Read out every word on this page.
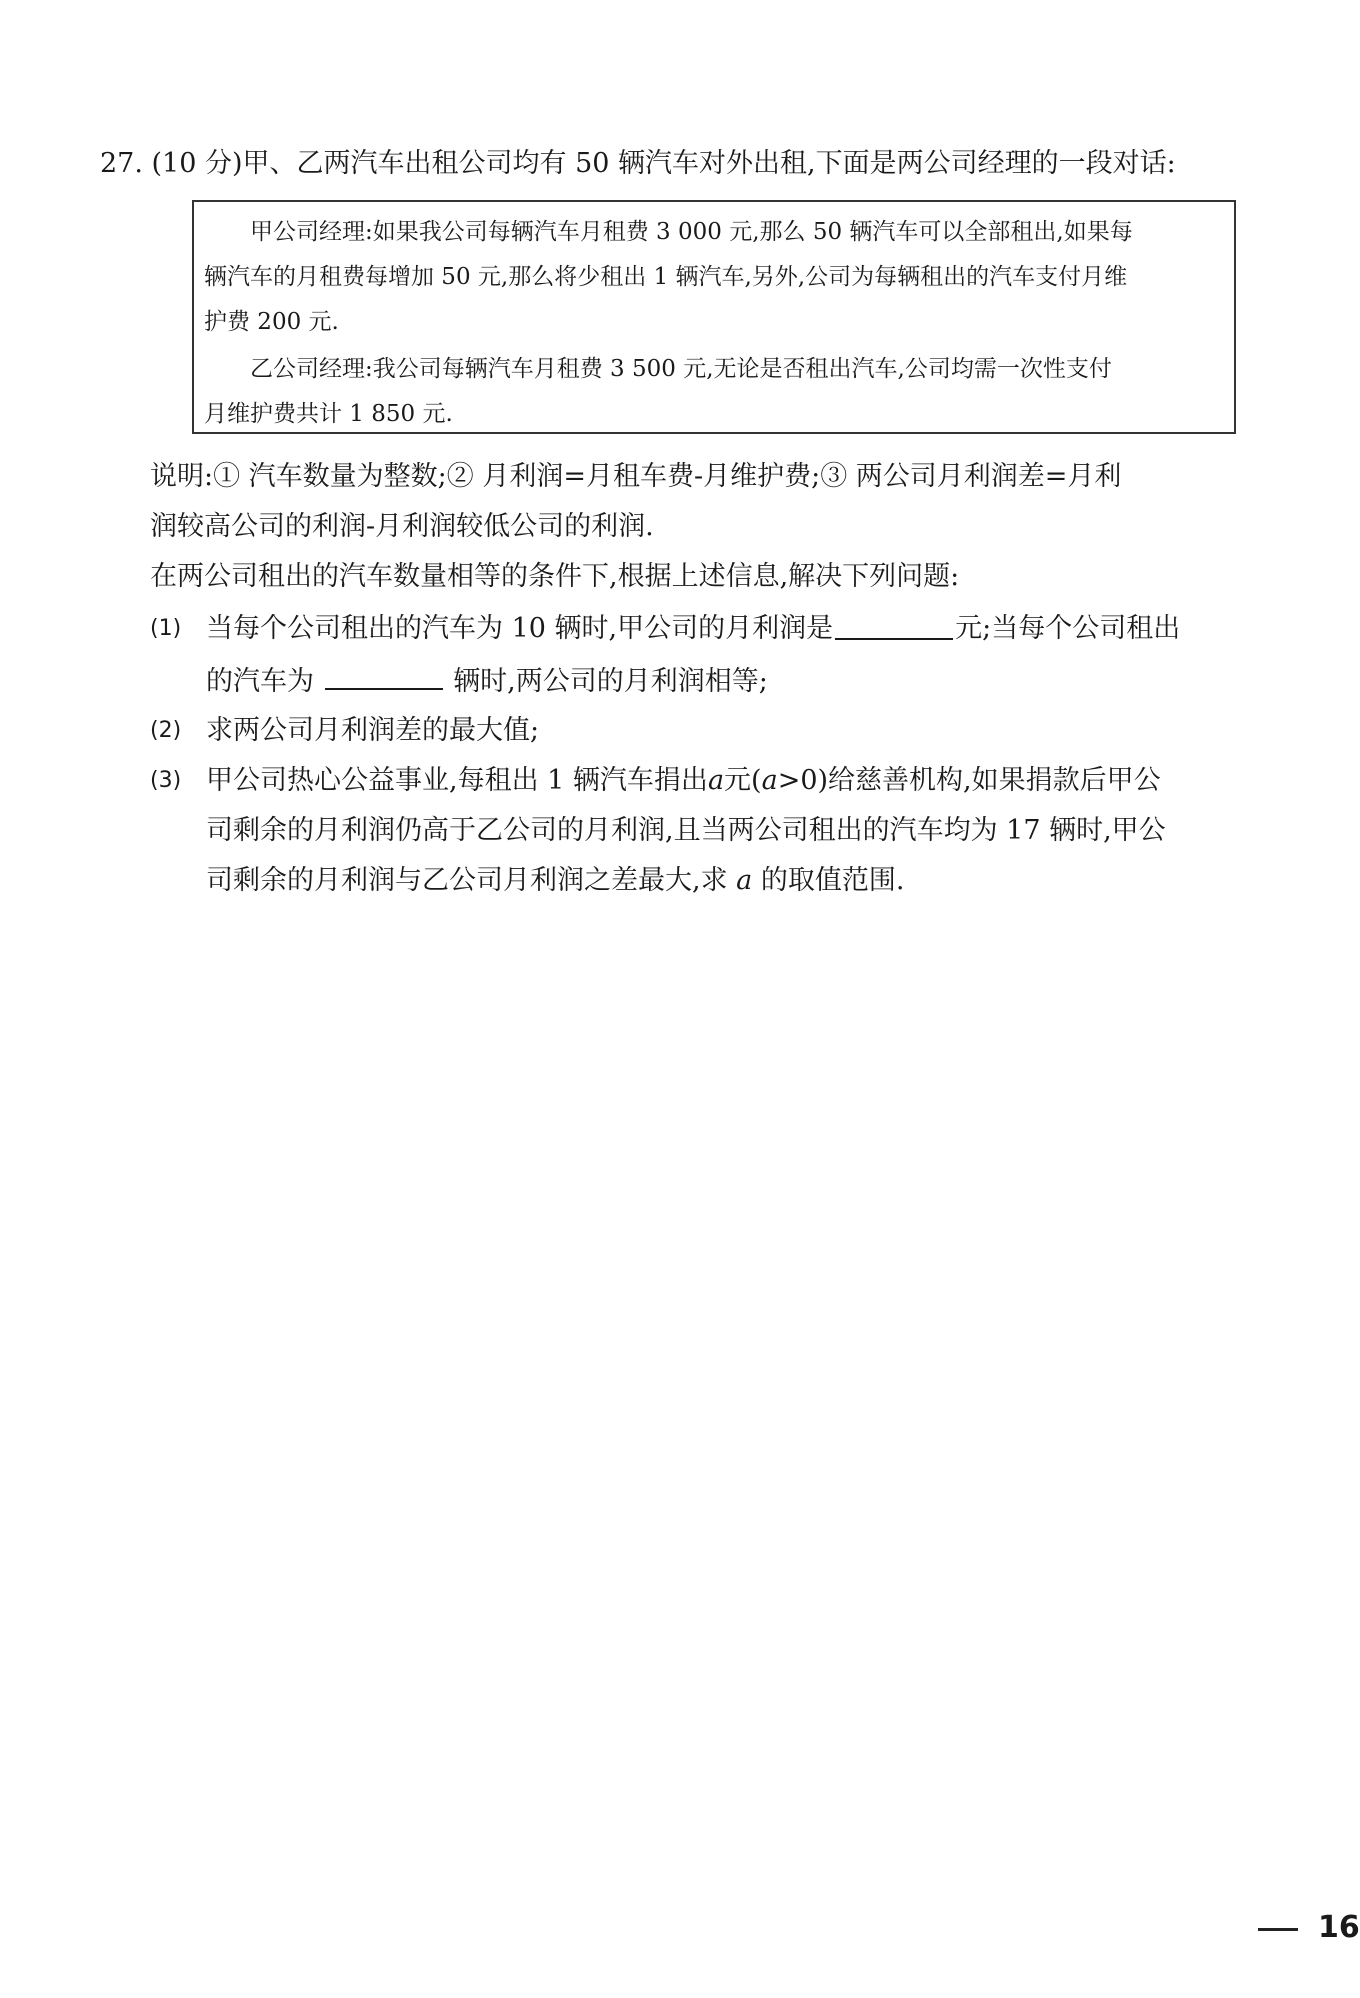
27. (10 分)甲、乙两汽车出租公司均有 50 辆汽车对外出租,下面是两公司经理的一段对话:
甲公司经理:如果我公司每辆汽车月租费 3 000 元,那么 50 辆汽车可以全部租出,如果每
辆汽车的月租费每增加 50 元,那么将少租出 1 辆汽车,另外,公司为每辆租出的汽车支付月维
护费 200 元.
乙公司经理:我公司每辆汽车月租费 3 500 元,无论是否租出汽车,公司均需一次性支付
月维护费共计 1 850 元.
说明:① 汽车数量为整数;② 月利润=月租车费-月维护费;③ 两公司月利润差=月利
润较高公司的利润-月利润较低公司的利润.
在两公司租出的汽车数量相等的条件下,根据上述信息,解决下列问题:
(1) 当每个公司租出的汽车为 10 辆时,甲公司的月利润是	元;当每个公司租出
的汽车为	辆时,两公司的月利润相等;
(2) 求两公司月利润差的最大值;
(3) 甲公司热心公益事业,每租出 1 辆汽车捐出 a 元( a >0)给慈善机构,如果捐款后甲公
司剩余的月利润仍高于乙公司的月利润,且当两公司租出的汽车均为 17 辆时,甲公
司剩余的月利润与乙公司月利润之差最大,求 a 的取值范围.
16
